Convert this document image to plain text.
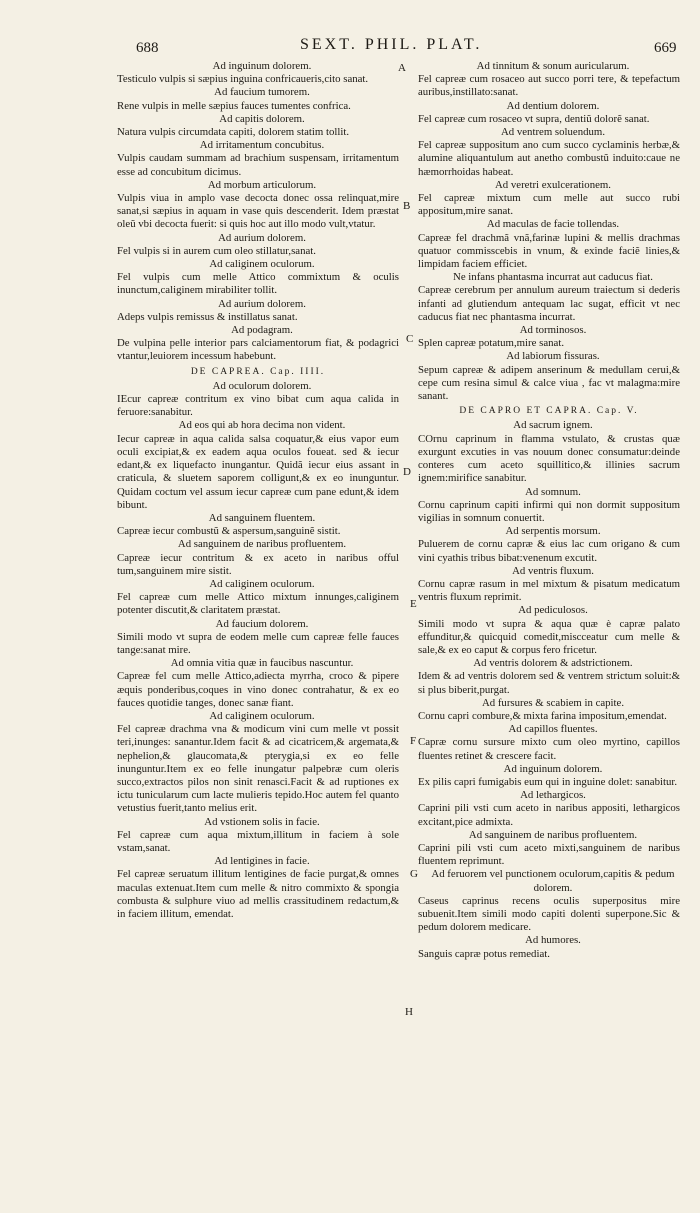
688	SEXT. PHIL. PLAT.	669
A
B
C
D
E
F
G
H

Ad inguinum dolorem.

Testiculo vulpis si sæpius inguina confricaueris,cito sanat.

Ad faucium tumorem.

Rene vulpis in melle sæpius fauces tumentes confrica.

Ad capitis dolorem.

Natura vulpis circumdata capiti, dolorem statim tollit.

Ad irritamentum concubitus.

Vulpis caudam summam ad brachium suspensam, irritamentum esse ad concubitum dicimus.

Ad morbum articulorum.

Vulpis viua in amplo vase decocta donec ossa relinquat,mire sanat,si sæpius in aquam in vase quis descenderit. Idem præstat oleũ vbi decocta fuerit: si quis hoc aut illo modo vult,vtatur.

Ad aurium dolorem.

Fel vulpis si in aurem cum oleo stillatur,sanat.

Ad caliginem oculorum.

Fel vulpis cum melle Attico commixtum & oculis inunctum,caliginem mirabiliter tollit.

Ad aurium dolorem.

Adeps vulpis remissus & instillatus sanat.

Ad podagram.

De vulpina pelle interior pars calciamentorum fiat, & podagrici vtantur,leuiorem incessum habebunt.

DE CAPREA. Cap. IIII.

Ad oculorum dolorem.

IEcur capreæ contritum ex vino bibat cum aqua calida in feruore:sanabitur.

Ad eos qui ab hora decima non vident.

Iecur capreæ in aqua calida salsa coquatur,& eius vapor eum oculi excipiat,& ex eadem aqua oculos foueat. sed & iecur edant,& ex liquefacto inungantur. Quidã iecur eius assant in craticula, & sluetem saporem colligunt,& ex eo inunguntur. Quidam coctum vel assum iecur capreæ cum pane edunt,& idem bibunt.

Ad sanguinem fluentem.

Capreæ iecur combustũ & aspersum,sanguinẽ sistit.

Ad sanguinem de naribus profluentem.

Capreæ iecur contritum & ex aceto in naribus offul tum,sanguinem mire sistit.

Ad caliginem oculorum.

Fel capreæ cum melle Attico mixtum innunges,caliginem potenter discutit,& claritatem præstat.

Ad faucium dolorem.

Simili modo vt supra de eodem melle cum capreæ felle fauces tange:sanat mire.

Ad omnia vitia quæ in faucibus nascuntur.

Capreæ fel cum melle Attico,adiecta myrrha, croco & pipere æquis ponderibus,coques in vino donec contrahatur, & ex eo fauces quotidie tanges, donec sanæ fiant.

Ad caliginem oculorum.

Fel capreæ drachma vna & modicum vini cum melle vt possit teri,inunges: sanantur.Idem facit & ad cicatricem,& argemata,& nephelion,& glaucomata,& pterygia,si ex eo felle inunguntur.Item ex eo felle inungatur palpebræ cum oleris succo,extractos pilos non sinit renasci.Facit & ad ruptiones ex ictu tunicularum cum lacte mulieris tepido.Hoc autem fel quanto vetustius fuerit,tanto melius erit.

Ad vstionem solis in facie.

Fel capreæ cum aqua mixtum,illitum in faciem à sole vstam,sanat.

Ad lentigines in facie.

Fel capreæ seruatum illitum lentigines de facie purgat,& omnes maculas extenuat.Item cum melle & nitro commixto & spongia combusta & sulphure viuo ad mellis crassitudinem redactum,& in faciem illitum, emendat.

Ad tinnitum & sonum auricularum.

Fel capreæ cum rosaceo aut succo porri tere, & tepefactum auribus,instillato:sanat.

Ad dentium dolorem.

Fel capreæ cum rosaceo vt supra, dentiũ dolorẽ sanat.

Ad ventrem soluendum.

Fel capreæ suppositum ano cum succo cyclaminis herbæ,& alumine aliquantulum aut anetho combustũ induito:caue ne hæmorrhoidas habeat.

Ad veretri exulcerationem.

Fel capreæ mixtum cum melle aut succo rubi appositum,mire sanat.

Ad maculas de facie tollendas.

Capreæ fel drachmã vnã,farinæ lupini & mellis drachmas quatuor commisscebis in vnum, & exinde faciẽ linies,& limpidam faciem efficiet.

Ne infans phantasma incurrat aut caducus fiat.

Capreæ cerebrum per annulum aureum traiectum si dederis infanti ad glutiendum antequam lac sugat, efficit vt nec caducus fiat nec phantasma incurrat.

Ad torminosos.

Splen capreæ potatum,mire sanat.

Ad labiorum fissuras.

Sepum capreæ & adipem anserinum & medullam cerui,& cepe cum resina simul & calce viua , fac vt malagma:mire sanant.

DE CAPRO ET CAPRA. Cap. V.

Ad sacrum ignem.

COrnu caprinum in flamma vstulato, & crustas quæ exurgunt excuties in vas nouum donec consumatur:deinde conteres cum aceto squillitico,& illinies sacrum ignem:mirifice sanabitur.

Ad somnum.

Cornu caprinum capiti infirmi qui non dormit suppositum vigilias in somnum conuertit.

Ad serpentis morsum.

Puluerem de cornu capræ & eius lac cum origano & cum vini cyathis tribus bibat:venenum excutit.

Ad ventris fluxum.

Cornu capræ rasum in mel mixtum & pisatum medicatum ventris fluxum reprimit.

Ad pediculosos.

Simili modo vt supra & aqua quæ è capræ palato effunditur,& quicquid comedit,miscceatur cum melle & sale,& ex eo caput & corpus fero fricetur.

Ad ventris dolorem & adstrictionem.

Idem & ad ventris dolorem sed & ventrem strictum soluit:& si plus biberit,purgat.

Ad fursures & scabiem in capite.

Cornu capri combure,& mixta farina impositum,emendat.

Ad capillos fluentes.

Capræ cornu sursure mixto cum oleo myrtino, capillos fluentes retinet & crescere facit.

Ad inguinum dolorem.

Ex pilis capri fumigabis eum qui in inguine dolet: sanabitur.

Ad lethargicos.

Caprini pili vsti cum aceto in naribus appositi, lethargicos excitant,pice admixta.

Ad sanguinem de naribus profluentem.

Caprini pili vsti cum aceto mixti,sanguinem de naribus fluentem reprimunt.

Ad feruorem vel punctionem oculorum,capitis & pedum dolorem.

Caseus caprinus recens oculis superpositus mire subuenit.Item simili modo capiti dolenti superpone.Sic & pedum dolorem medicare.

Ad humores.

Sanguis capræ potus remediat.
